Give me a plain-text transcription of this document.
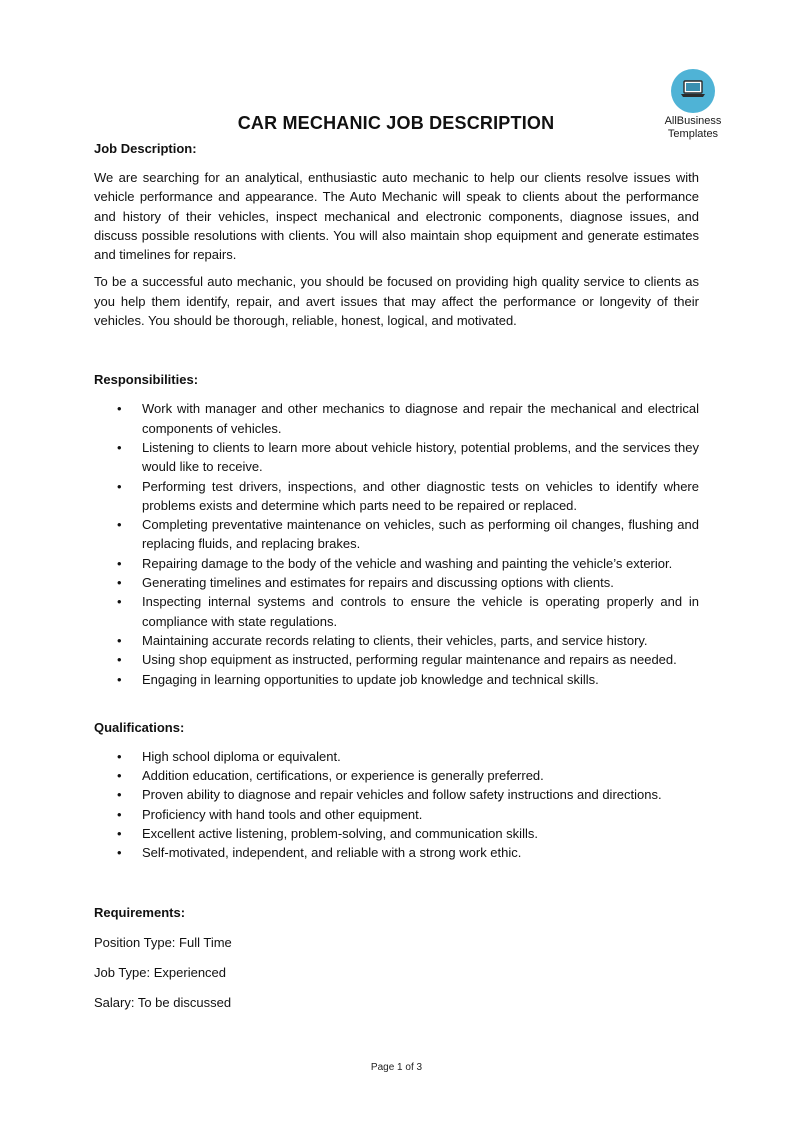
AllBusiness
Templates
CAR MECHANIC JOB DESCRIPTION

Job Description:

We are searching for an analytical, enthusiastic auto mechanic to help our clients resolve issues with vehicle performance and appearance. The Auto Mechanic will speak to clients about the performance and history of their vehicles, inspect mechanical and electronic components, diagnose issues, and discuss possible resolutions with clients. You will also maintain shop equipment and generate estimates and timelines for repairs.

To be a successful auto mechanic, you should be focused on providing high quality service to clients as you help them identify, repair, and avert issues that may affect the performance or longevity of their vehicles. You should be thorough, reliable, honest, logical, and motivated.

Responsibilities:

• Work with manager and other mechanics to diagnose and repair the mechanical and electrical components of vehicles.
• Listening to clients to learn more about vehicle history, potential problems, and the services they would like to receive.
• Performing test drivers, inspections, and other diagnostic tests on vehicles to identify where problems exists and determine which parts need to be repaired or replaced.
• Completing preventative maintenance on vehicles, such as performing oil changes, flushing and replacing fluids, and replacing brakes.
• Repairing damage to the body of the vehicle and washing and painting the vehicle’s exterior.
• Generating timelines and estimates for repairs and discussing options with clients.
• Inspecting internal systems and controls to ensure the vehicle is operating properly and in compliance with state regulations.
• Maintaining accurate records relating to clients, their vehicles, parts, and service history.
• Using shop equipment as instructed, performing regular maintenance and repairs as needed.
• Engaging in learning opportunities to update job knowledge and technical skills.

Qualifications:

• High school diploma or equivalent.
• Addition education, certifications, or experience is generally preferred.
• Proven ability to diagnose and repair vehicles and follow safety instructions and directions.
• Proficiency with hand tools and other equipment.
• Excellent active listening, problem-solving, and communication skills.
• Self-motivated, independent, and reliable with a strong work ethic.

Requirements:

Position Type: Full Time

Job Type: Experienced

Salary: To be discussed

Page 1 of 3
